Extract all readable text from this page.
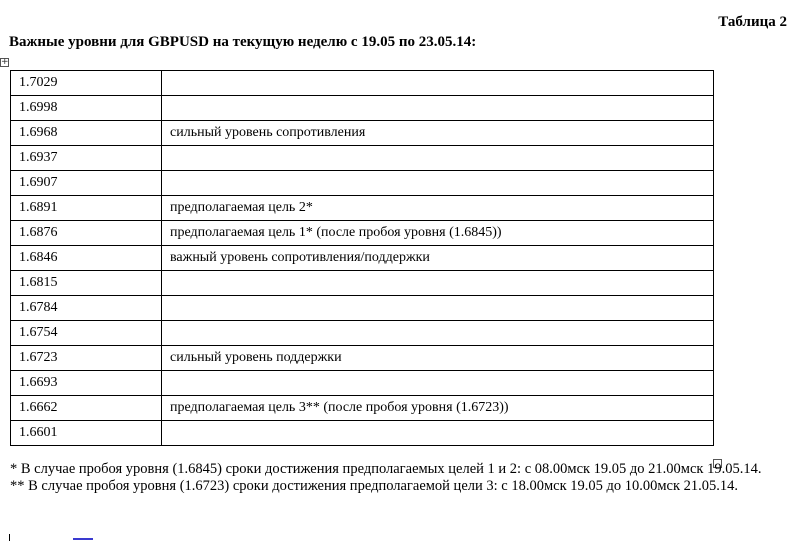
Таблица 2
Важные уровни для GBPUSD на текущую неделю с 19.05 по 23.05.14:
+
1.7029	
1.6998	
1.6968	сильный уровень сопротивления
1.6937	
1.6907	
1.6891	предполагаемая цель 2*
1.6876	предполагаемая цель 1* (после пробоя уровня (1.6845))
1.6846	важный уровень сопротивления/поддержки
1.6815	
1.6784	
1.6754	
1.6723	сильный уровень поддержки
1.6693	
1.6662	предполагаемая цель 3** (после пробоя уровня (1.6723))
1.6601	

* В случае пробоя уровня (1.6845) сроки достижения предполагаемых целей 1 и 2: с 08.00мск 19.05 до 21.00мск 19.05.14.

** В случае пробоя уровня (1.6723) сроки достижения предполагаемой цели 3: с 18.00мск 19.05 до 10.00мск 21.05.14.
